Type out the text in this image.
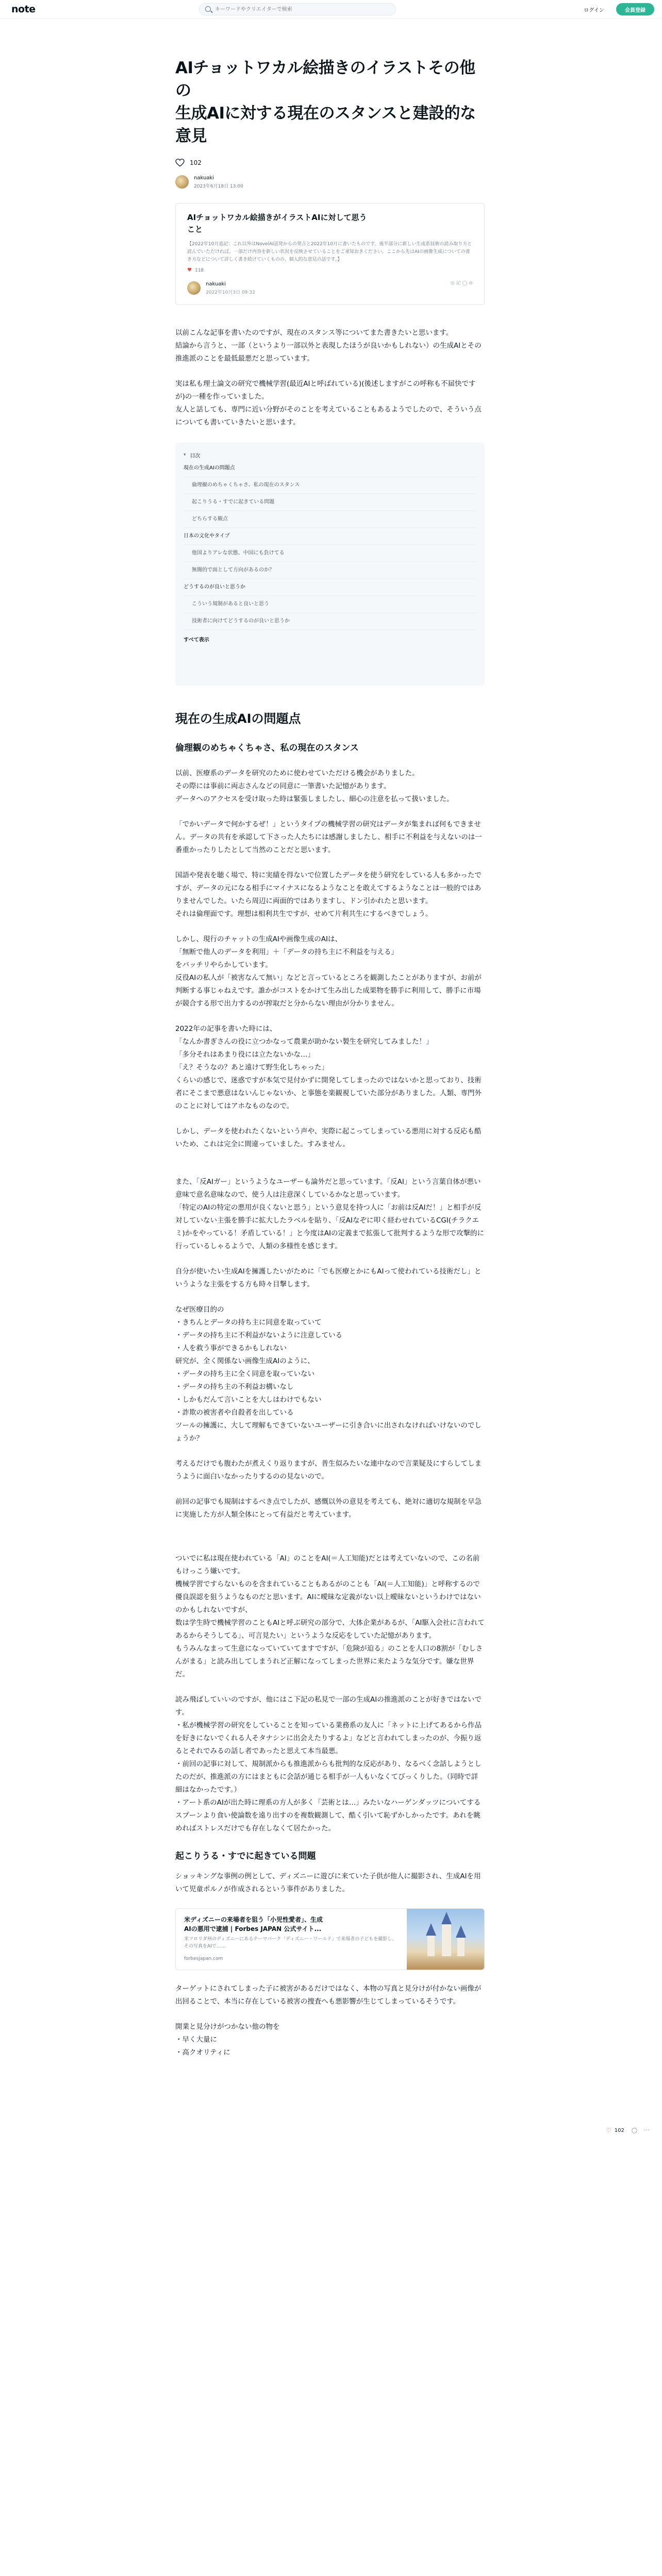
note
キーワードやクリエイターで検索	ログイン	会員登録
AIチョットワカル絵描きのイラストその他の
生成AIに対する現在のスタンスと建設的な
意見
102
nakuaki
2023年6月18日 13:00
AIチョットワカル絵描きがイラストAIに対して思う
こと
【2022年10月追記：これ以外はNovelAI話発からの発言と2022年10月に書いたものです。後半部分に新しい生成系技術の読み取り方と読んでいただければ。一部だけ内容を新しい状況を反映させていることをご承知おきください。ここから先はAIの画像生成についての書き方などについて詳しく書き続けていくものの、個人的な意見の話です。】
♥ 118
nakuaki
2022年10月3日 09:32
◎ 記 ◯ ⊖

以前こんな記事を書いたのですが、現在のスタンス等についてまた書きたいと思います。
結論から言うと、一部（というより一部以外と表現したほうが良いかもしれない）の生成AIとその推進派のことを最低最悪だと思っています。

実は私も理士論文の研究で機械学習(最近AIと呼ばれている)(後述しますがこの呼称も不届快ですが)の一種を作っていました。
友人と話しても、専門に近い分野がそのことを考えていることもあるようでしたので、そういう点についても書いていきたいと思います。

▾ 目次
現在の生成AIの問題点
倫理観のめちゃくちゃさ、私の現在のスタンス
起こりうる・すでに起きている問題
どちらする観点
日本の文化やタイプ
他国よりアレな状態、中国にも負けてる
無闇的で面として方向があるのか？
どうするのが良いと思うか
こういう規制があると良いと思う
技術者に向けてどうするのが良いと思うか
すべて表示
現在の生成AIの問題点
倫理観のめちゃくちゃさ、私の現在のスタンス

以前、医療系のデータを研究のために使わせていただける機会がありました。
その際には事前に両志さんなどの同意に一筆書いた記憶があります。
データへのアクセスを受け取った時は緊張しましたし、細心の注意を払って扱いました。

「でかいデータで何かするぜ！」というタイプの機械学習の研究はデータが集まれば何もできません。データの共有を承認して下さった人たちには感謝しましたし、相手に不利益を与えないのは一番重かったりしたとして当然のことだと思います。

国語や発表を聴く場で、特に実績を得ないで位置したデータを使う研究をしている人も多かったですが、データの元になる相手にマイナスになるようなことを敢えてするようなことは一般的ではありませんでした。いたら周辺に両面的ではありますし、ドン引かれたと思います。
それは倫理面です。理想は相利共生ですが、せめて片利共生にするべきでしょう。

しかし、現行のチャットの生成AIや画像生成のAIは、
「無断で他人のデータを利用」＋「データの持ち主に不利益を与える」
をバッチリやらかしています。
反役AIの私人が「被害なんて無い」などと言っているところを観測したことがありますが、お前が判断する事じゃねえです。誰かがコストをかけて生み出した成果物を勝手に利用して、勝手に市場が競合する形で出力するのが搾取だと分からない理由が分かりません。

2022年の記事を書いた時には、
「なんか書ぎさんの役に立つかなって農業が助かない製生を研究してみました！」
「多分それはあまり役には立たないかな…」
「え？そうなの？あと遠けて野生化しちゃった」
くらいの感じで、迷惑ですが本気で見付かずに開発してしまったのではないかと思っており、技術者にそこまで悪意はないんじゃないか、と事態を楽観視していた部分がありました。人類、専門外のことに対してはアホなものなので。

しかし、データを使われたくないという声や、実際に起こってしまっている悪用に対する反応も酷いため、これは完全に間違っていました。すみません。

また、「反AIガー」というようなユーザーも論外だと思っています。「反AI」という言葉自体が悪い意味で意名意味なので、使う人は注意深くしているかなと思っています。
「特定のAIの特定の悪用が良くないと思う」という意見を持つ人に「お前は反AIだ！」と相手が反対していない主張を勝手に拡大したラベルを貼り、「反AIなぞに叩く経わせれているCGI(チラクエミ)かをやっている！矛盾している！」と今度はAIの定義まで拡張して批判するような形で攻撃的に行っているしゃるようで、人類の多様性を感じます。

自分が使いたい生成AIを擁護したいがために「でも医療とかにもAIって使われている技術だし」というような主張をする方も時々目撃します。

なぜ医療目的の
・きちんとデータの持ち主に同意を取っていて
・データの持ち主に不利益がないように注意している
・人を救う事ができるかもしれない
研究が、全く関係ない画像生成AIのように、
・データの持ち主に全く同意を取っていない
・データの持ち主の不利益お構いなし
・しかもだんて言いことを大しはわけでもない
・詐欺の被害者や自殺者を出している
ツールの擁護に、大して理解もできていないユーザーに引き合いに出されなければいけないのでしょうか？

考えるだけでも腹わたが煮えくり返りますが、普生似みたいな連中なので言業疑及にすらしてしまうように面白いなかったりするのの見ないので。

前回の記事でも規制はするべき点でしたが、感慨以外の意見を考えても、絶対に適切な規制を早急に実施した方が人類全体にとって有益だと考えています。

ついでに私は現在使われている「AI」のことをAI(＝人工知能)だとは考えていないので、この名前もけっこう嫌いです。
機械学習ですらないものを含まれていることもあるがのことも「AI(＝人工知能)」と呼称するので優良誤認を狙うようなものだと思います。AIに曖昧な定義がない以上曖昧ないというわけではないのかもしれないですが、
数は学生時で機械学習のこともAIと呼ぶ研究の部分で、大体企業があるが、「AI駆入会社に言われてあるからそうしてる」、可言見たい」というような反応をしていた記憶があります。
もうみんなまって生意になっていていてますですが、「危険が迫る」のことを人口の8割が「むしさんがまる」と読み出してしまうれど正解になってしまった世界に来たような気分です。嫌な世界だ。

読み飛ばしていいのですが、他にはこ下記の私見で一部の生成AIの推進派のことが好きではないです。
・私が機械学習の研究をしていることを知っている業務系の友人に「ネットに上げてあるから作品を好きにないでくれる人そタナシンに出会えたりするよ」などと言われてしまったのが、今振り返るとそれでみるの話し者であったと思えて本当最悪。
・前回の記事に対して、規制派からも推進派からも批判的な反応があり、なるべく念話しようとしたのだが、推進派の方にはまともに会話が通じる相手が一人もいなくてびっくりした。（同時で詳細はなかったです。）
・アート系のAIが出た時に理系の方人が多く「芸術とは…」みたいなハーゲンダッツについてするスプーンより食い使論数を遠り出すのを複数観測して、酷く引いて恥ずかしかったです。あれを眺めればストレスだけでも存在しなくて居たかった。

起こりうる・すでに起きている問題

ショッキングな事例の例として、ディズニーに遊びに来ていた子供が他人に撮影され、生成AIを用いて児童ポルノが作成されるという事件がありました。

米ディズニーの来場者を狙う「小児性愛者」、生成
AIの悪用で逮捕 | Forbes JAPAN 公式サイト...
米フロリダ州のディズニーにあるテーマパーク「ディズニー・ワールド」で来場者の子どもを撮影し、その写真をAIで……
forbesjapan.com

ターゲットにされてしまった子に被害があるだけではなく、本物の写真と見分けが付かない画像が出回ることで、本当に存在している被害の捜査へも悪影響が生じてしまっているそうです。

開業と見分けがつかない他の物を
・早く大量に
・高クオリティに

♡ 102 ◯ ···
